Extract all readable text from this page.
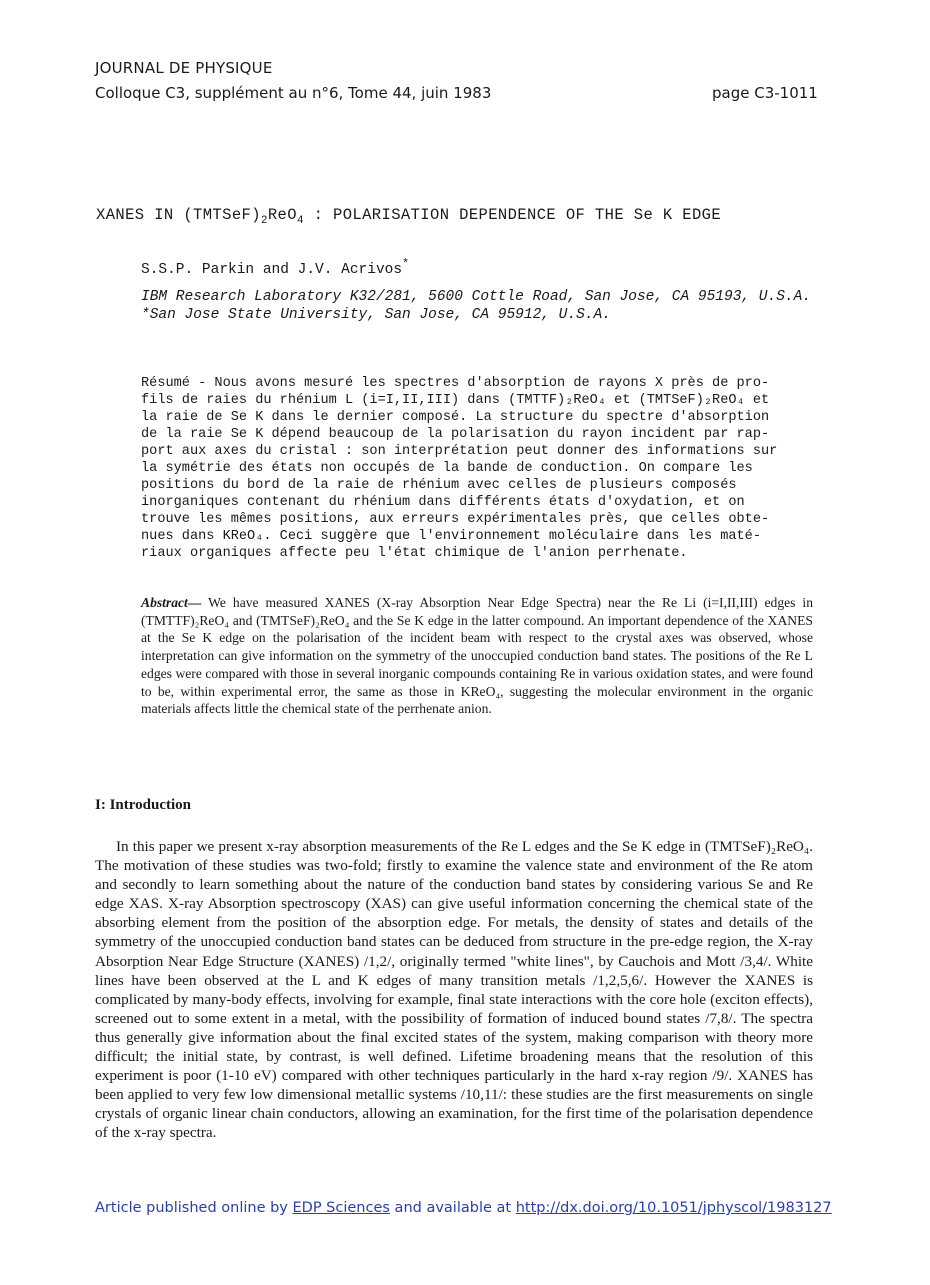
JOURNAL DE PHYSIQUE
Colloque C3, supplément au n°6, Tome 44, juin 1983	page C3-1011
XANES IN $(TMTSeF)_2ReO_4$ : POLARISATION DEPENDENCE OF THE Se K EDGE
S.S.P. Parkin and J.V. Acrivos*
IBM Research Laboratory K32/281, 5600 Cottle Road, San Jose, CA 95193, U.S.A.
*San Jose State University, San Jose, CA 95912, U.S.A.
Résumé - Nous avons mesuré les spectres d'absorption de rayons X près de pro-
fils de raies du rhénium L (i=I,II,III) dans (TMTTF)₂ReO₄ et (TMTSeF)₂ReO₄ et
la raie de Se K dans le dernier composé. La structure du spectre d'absorption
de la raie Se K dépend beaucoup de la polarisation du rayon incident par rap-
port aux axes du cristal : son interprétation peut donner des informations sur
la symétrie des états non occupés de la bande de conduction. On compare les
positions du bord de la raie de rhénium avec celles de plusieurs composés
inorganiques contenant du rhénium dans différents états d'oxydation, et on
trouve les mêmes positions, aux erreurs expérimentales près, que celles obte-
nues dans KReO₄. Ceci suggère que l'environnement moléculaire dans les maté-
riaux organiques affecte peu l'état chimique de l'anion perrhenate.
Abstract— We have measured XANES (X-ray Absorption Near Edge Spectra) near the Re Li (i=I,II,III) edges in (TMTTF)₂ReO₄ and (TMTSeF)₂ReO₄ and the Se K edge in the latter compound. An important dependence of the XANES at the Se K edge on the polarisation of the incident beam with respect to the crystal axes was observed, whose interpretation can give information on the symmetry of the unoccupied conduction band states. The positions of the Re L edges were compared with those in several inorganic compounds containing Re in various oxidation states, and were found to be, within experimental error, the same as those in KReO₄, suggesting the molecular environment in the organic materials affects little the chemical state of the perrhenate anion.
I: Introduction

In this paper we present x-ray absorption measurements of the Re L edges and the Se K edge in (TMTSeF)₂ReO₄. The motivation of these studies was two-fold; firstly to examine the valence state and environment of the Re atom and secondly to learn something about the nature of the conduction band states by considering various Se and Re edge XAS. X-ray Absorption spectroscopy (XAS) can give useful information concerning the chemical state of the absorbing element from the position of the absorption edge. For metals, the density of states and details of the symmetry of the unoccupied conduction band states can be deduced from structure in the pre-edge region, the X-ray Absorption Near Edge Structure (XANES) /1,2/, originally termed "white lines", by Cauchois and Mott /3,4/. White lines have been observed at the L and K edges of many transition metals /1,2,5,6/. However the XANES is complicated by many-body effects, involving for example, final state interactions with the core hole (exciton effects), screened out to some extent in a metal, with the possibility of formation of induced bound states /7,8/. The spectra thus generally give information about the final excited states of the system, making comparison with theory more difficult; the initial state, by contrast, is well defined. Lifetime broadening means that the resolution of this experiment is poor (1-10 eV) compared with other techniques particularly in the hard x-ray region /9/. XANES has been applied to very few low dimensional metallic systems /10,11/: these studies are the first measurements on single crystals of organic linear chain conductors, allowing an examination, for the first time of the polarisation dependence of the x-ray spectra.

Article published online by EDP Sciences and available at http://dx.doi.org/10.1051/jphyscol/1983127
